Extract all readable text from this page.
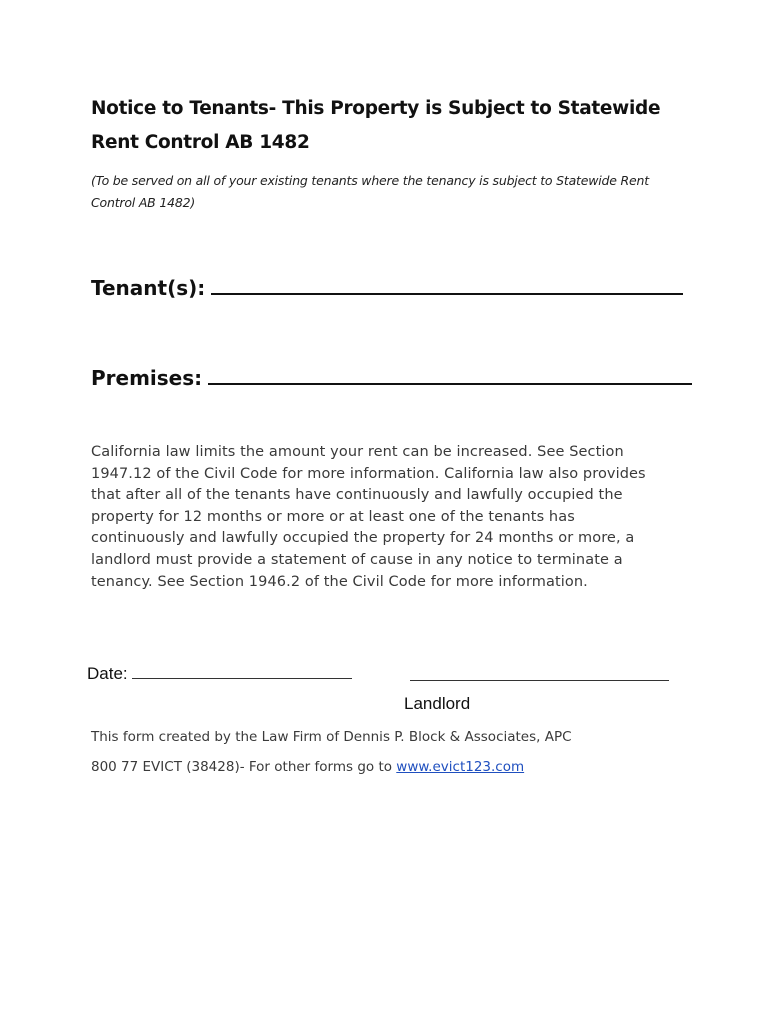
Notice to Tenants- This Property is Subject to Statewide Rent Control AB 1482
(To be served on all of your existing tenants where the tenancy is subject to Statewide Rent Control AB 1482)
Tenant(s):
Premises:
California law limits the amount your rent can be increased. See Section 1947.12 of the Civil Code for more information. California law also provides that after all of the tenants have continuously and lawfully occupied the property for 12 months or more or at least one of the tenants has continuously and lawfully occupied the property for 24 months or more, a landlord must provide a statement of cause in any notice to terminate a tenancy. See Section 1946.2 of the Civil Code for more information.
Date:
Landlord
This form created by the Law Firm of Dennis P. Block & Associates, APC
800 77 EVICT (38428)- For other forms go to www.evict123.com
